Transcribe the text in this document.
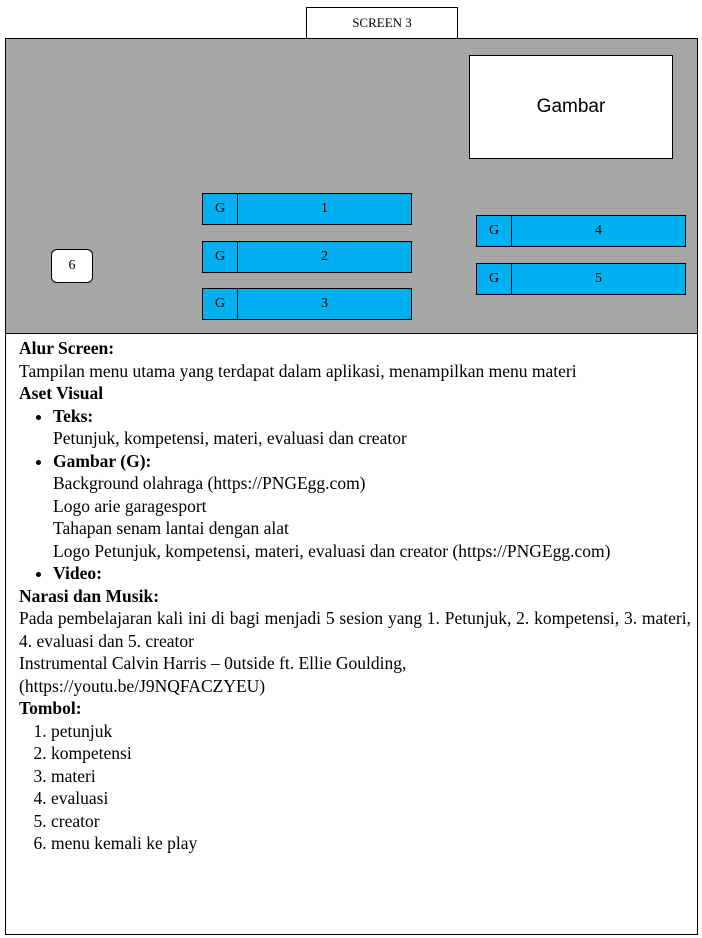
SCREEN 3
Gambar
G	1
G	2
G	3
G	4
G	5
6

Alur Screen:

Tampilan menu utama yang terdapat dalam aplikasi, menampilkan menu materi

Aset Visual

• Teks:

Petunjuk, kompetensi, materi, evaluasi dan creator

• Gambar (G):

Background olahraga (https://PNGEgg.com)

Logo arie garagesport

Tahapan senam lantai dengan alat

Logo Petunjuk, kompetensi, materi, evaluasi dan creator (https://PNGEgg.com)

• Video:

Narasi dan Musik:

Pada pembelajaran kali ini di bagi menjadi 5 sesion yang 1. Petunjuk, 2. kompetensi, 3. materi, 4. evaluasi dan 5. creator

Instrumental Calvin Harris – 0utside ft. Ellie Goulding,

(https://youtu.be/J9NQFACZYEU)

Tombol:

1. petunjuk
2. kompetensi
3. materi
4. evaluasi
5. creator
6. menu kemali ke play
